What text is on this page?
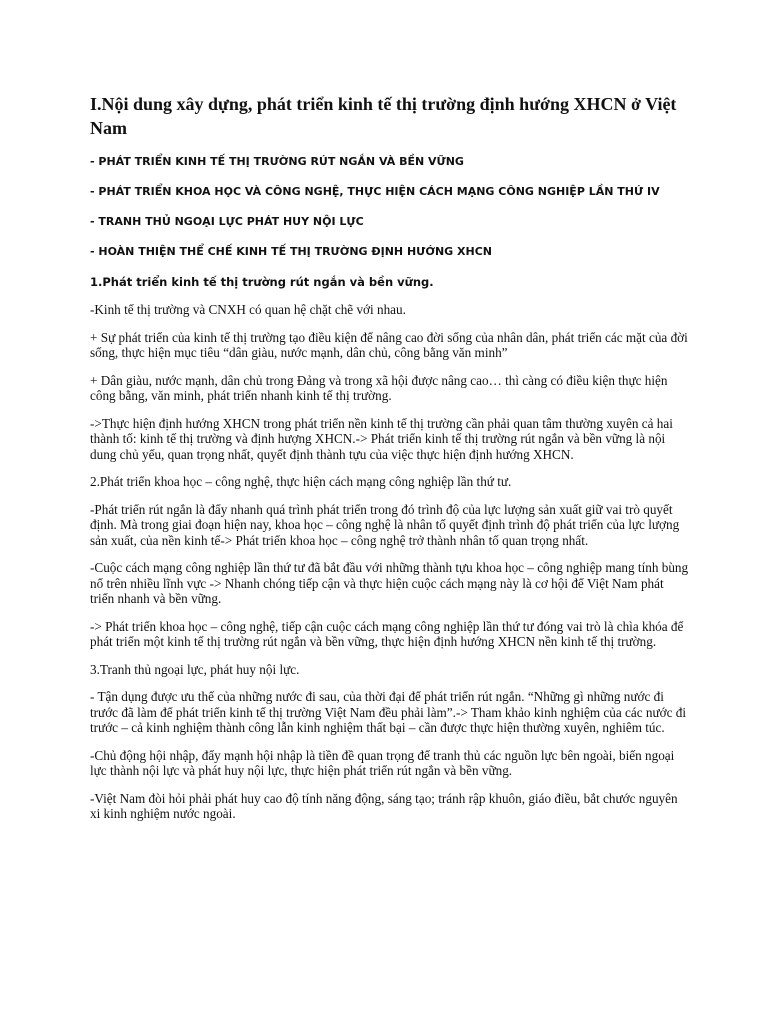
I.Nội dung xây dựng, phát triển kinh tế thị trường định hướng XHCN ở Việt Nam
- PHÁT TRIỂN KINH TẾ THỊ TRƯỜNG RÚT NGẮN VÀ BỀN VỮNG
- PHÁT TRIỂN KHOA HỌC VÀ CÔNG NGHỆ, THỰC HIỆN CÁCH MẠNG CÔNG NGHIỆP LẦN THỨ IV
- TRANH THỦ NGOẠI LỰC PHÁT HUY NỘI LỰC
- HOÀN THIỆN THỂ CHẾ KINH TẾ THỊ TRƯỜNG ĐỊNH HƯỚNG XHCN
1.Phát triển kinh tế thị trường rút ngắn và bền vững.

-Kinh tế thị trường và CNXH có quan hệ chặt chẽ với nhau.

+ Sự phát triển của kinh tế thị trường tạo điều kiện để nâng cao đời sống của nhân dân, phát triển các mặt của đời sống, thực hiện mục tiêu “dân giàu, nước mạnh, dân chủ, công bằng văn minh”

+ Dân giàu, nước mạnh, dân chủ trong Đảng và trong xã hội được nâng cao… thì càng có điều kiện thực hiện công bằng, văn minh, phát triển nhanh kinh tế thị trường.

->Thực hiện định hướng XHCN trong phát triển nền kinh tế thị trường cần phải quan tâm thường xuyên cả hai thành tố: kinh tế thị trường và định hượng XHCN.-> Phát triển kinh tế thị trường rút ngắn và bền vững là nội dung chủ yếu, quan trọng nhất, quyết định thành tựu của việc thực hiện định hướng XHCN.

2.Phát triển khoa học – công nghệ, thực hiện cách mạng công nghiệp lần thứ tư.

-Phát triển rút ngắn là đẩy nhanh quá trình phát triển trong đó trình độ của lực lượng sản xuất giữ vai trò quyết định. Mà trong giai đoạn hiện nay, khoa học – công nghệ là nhân tố quyết định trình độ phát triển của lực lượng sản xuất, của nền kinh tế-> Phát triển khoa học – công nghệ trở thành nhân tố quan trọng nhất.

-Cuộc cách mạng công nghiệp lần thứ tư đã bắt đầu với những thành tựu khoa học – công nghiệp mang tính bùng nổ trên nhiều lĩnh vực -> Nhanh chóng tiếp cận và thực hiện cuộc cách mạng này là cơ hội để Việt Nam phát triển nhanh và bền vững.

-> Phát triển khoa học – công nghệ, tiếp cận cuộc cách mạng công nghiệp lần thứ tư đóng vai trò là chìa khóa để phát triển một kinh tế thị trường rút ngắn và bền vững, thực hiện định hướng XHCN nền kinh tế thị trường.

3.Tranh thủ ngoại lực, phát huy nội lực.

- Tận dụng được ưu thế của những nước đi sau, của thời đại để phát triển rút ngắn. “Những gì những nước đi trước đã làm để phát triển kinh tế thị trường Việt Nam đều phải làm”.-> Tham khảo kinh nghiệm của các nước đi trước – cả kinh nghiệm thành công lẫn kinh nghiệm thất bại – cần được thực hiện thường xuyên, nghiêm túc.

-Chủ động hội nhập, đẩy mạnh hội nhập là tiền đề quan trọng để tranh thủ các nguồn lực bên ngoài, biến ngoại lực thành nội lực và phát huy nội lực, thực hiện phát triển rút ngắn và bền vững.

-Việt Nam đòi hỏi phải phát huy cao độ tính năng động, sáng tạo; tránh rập khuôn, giáo điều, bắt chước nguyên xi kinh nghiệm nước ngoài.
